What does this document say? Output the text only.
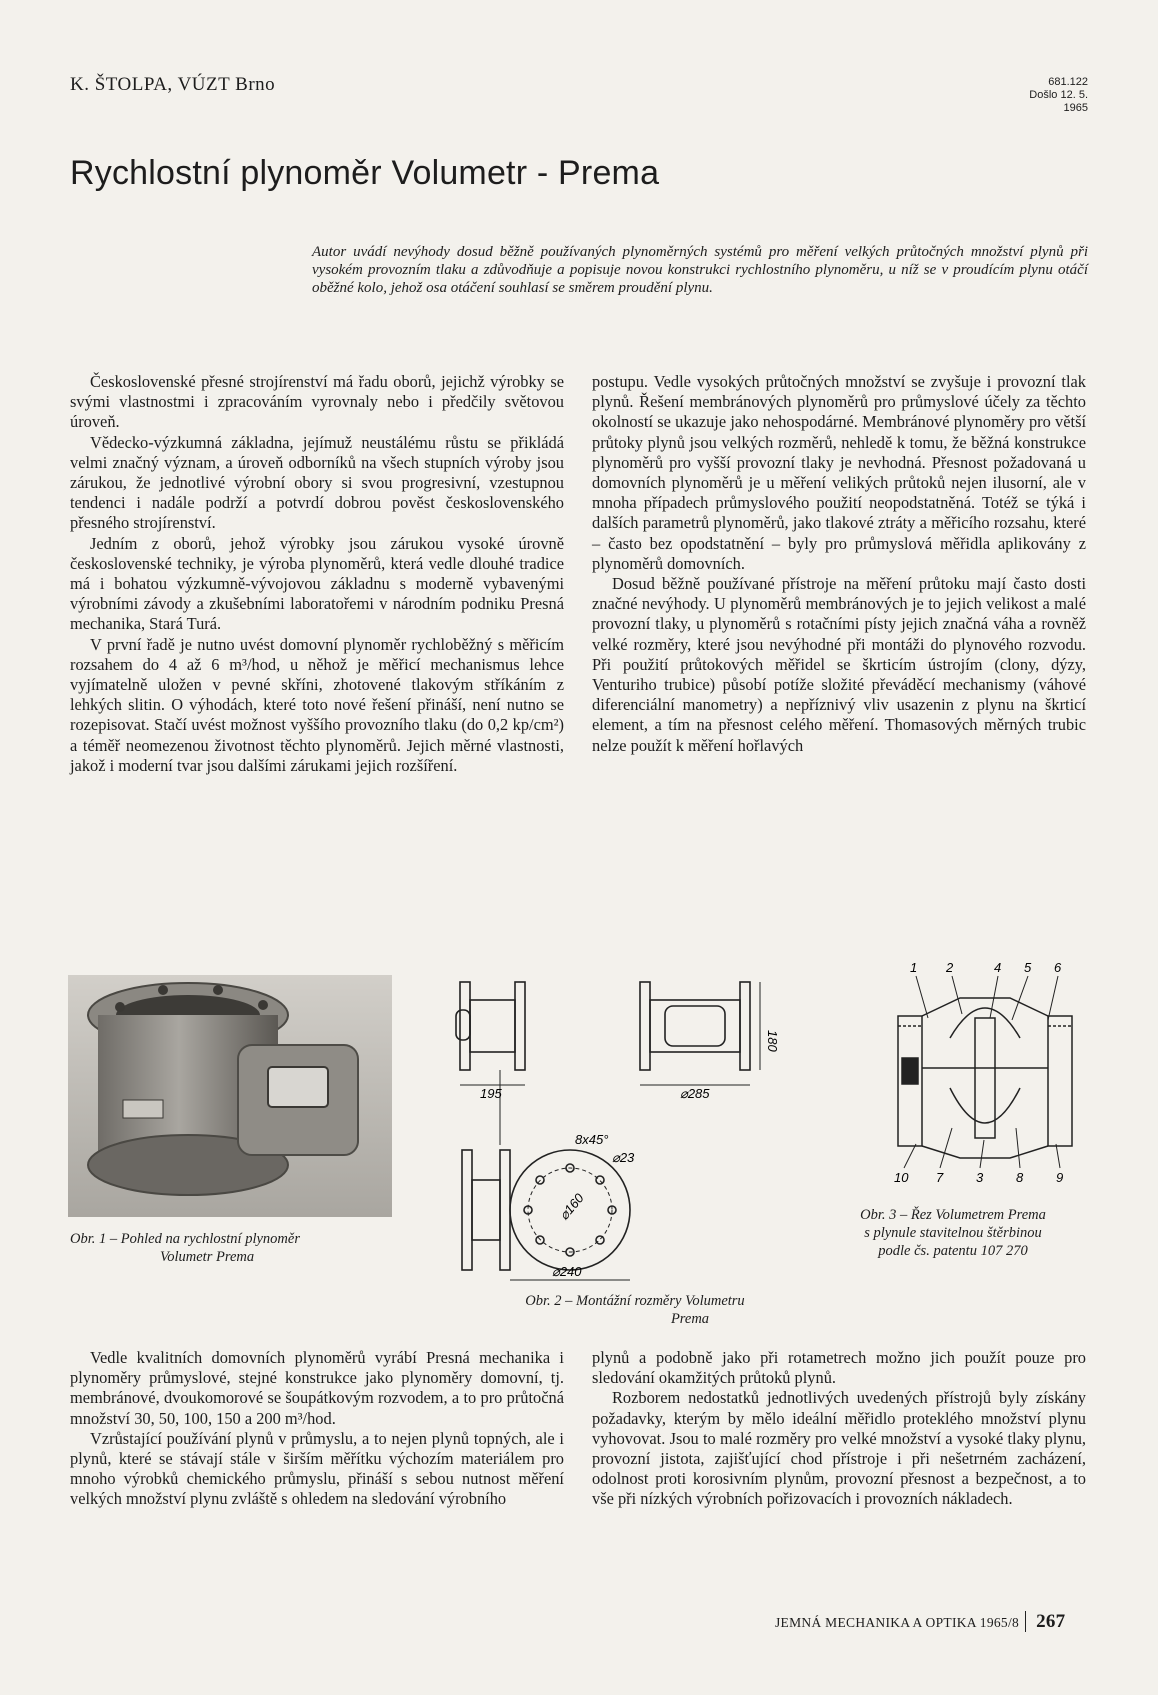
K. ŠTOLPA, VÚZT Brno	681.122
Došlo 12. 5. 1965
Rychlostní plynoměr Volumetr - Prema
Autor uvádí nevýhody dosud běžně používaných plynoměrných systémů pro měření velkých průtočných množství plynů při vysokém provozním tlaku a zdůvodňuje a popisuje novou konstrukci rychlostního plynoměru, u níž se v proudícím plynu otáčí oběžné kolo, jehož osa otáčení souhlasí se směrem proudění plynu.

Československé přesné strojírenství má řadu oborů, jejichž výrobky se svými vlastnostmi i zpracováním vyrovnaly nebo i předčily světovou úroveň.

Vědecko-výzkumná základna, jejímuž neustálému růstu se přikládá velmi značný význam, a úroveň odborníků na všech stupních výroby jsou zárukou, že jednotlivé výrobní obory si svou progresivní, vzestupnou tendenci i nadále podrží a potvrdí dobrou pověst československého přesného strojírenství.

Jedním z oborů, jehož výrobky jsou zárukou vysoké úrovně československé techniky, je výroba plynoměrů, která vedle dlouhé tradice má i bohatou výzkumně-vývojovou základnu s moderně vybavenými výrobními závody a zkušebními laboratořemi v národním podniku Presná mechanika, Stará Turá.

V první řadě je nutno uvést domovní plynoměr rychloběžný s měřicím rozsahem do 4 až 6 m³/hod, u něhož je měřicí mechanismus lehce vyjímatelně uložen v pevné skříni, zhotovené tlakovým stříkáním z lehkých slitin. O výhodách, které toto nové řešení přináší, není nutno se rozepisovat. Stačí uvést možnost vyššího provozního tlaku (do 0,2 kp/cm²) a téměř neomezenou životnost těchto plynoměrů. Jejich měrné vlastnosti, jakož i moderní tvar jsou dalšími zárukami jejich rozšíření.

postupu. Vedle vysokých průtočných množství se zvyšuje i provozní tlak plynů. Řešení membránových plynoměrů pro průmyslové účely za těchto okolností se ukazuje jako nehospodárné. Membránové plynoměry pro větší průtoky plynů jsou velkých rozměrů, nehledě k tomu, že běžná konstrukce plynoměrů pro vyšší provozní tlaky je nevhodná. Přesnost požadovaná u domovních plynoměrů je u měření velikých průtoků nejen ilusorní, ale v mnoha případech průmyslového použití neopodstatněná. Totéž se týká i dalších parametrů plynoměrů, jako tlakové ztráty a měřicího rozsahu, které – často bez opodstatnění – byly pro průmyslová měřidla aplikovány z plynoměrů domovních.

Dosud běžně používané přístroje na měření průtoku mají často dosti značné nevýhody. U plynoměrů membránových je to jejich velikost a malé provozní tlaky, u plynoměrů s rotačními písty jejich značná váha a rovněž velké rozměry, které jsou nevýhodné při montáži do plynového rozvodu. Při použití průtokových měřidel se škrticím ústrojím (clony, dýzy, Venturiho trubice) působí potíže složité převáděcí mechanismy (váhové diferenciální manometry) a nepříznivý vliv usazenin z plynu na škrticí element, a tím na přesnost celého měření. Thomasových měrných trubic nelze použít k měření hořlavých

Obr. 1 – Pohled na rychlostní plynoměr
Volumetr Prema
195
180
⌀285
8x45°
⌀23
⌀160
⌀240
Obr. 2 – Montážní rozměry Volumetru
Prema
1 2	4 5 6
10 7	3	8	9
Obr. 3 – Řez Volumetrem Prema
s plynule stavitelnou štěrbinou
podle čs. patentu 107 270

Vedle kvalitních domovních plynoměrů vyrábí Presná mechanika i plynoměry průmyslové, stejné konstrukce jako plynoměry domovní, tj. membránové, dvoukomorové se šoupátkovým rozvodem, a to pro průtočná množství 30, 50, 100, 150 a 200 m³/hod.

Vzrůstající používání plynů v průmyslu, a to nejen plynů topných, ale i plynů, které se stávají stále v širším měřítku výchozím materiálem pro mnoho výrobků chemického průmyslu, přináší s sebou nutnost měření velkých množství plynu zvláště s ohledem na sledování výrobního

plynů a podobně jako při rotametrech možno jich použít pouze pro sledování okamžitých průtoků plynů.

Rozborem nedostatků jednotlivých uvedených přístrojů byly získány požadavky, kterým by mělo ideální měřidlo proteklého množství plynu vyhovovat. Jsou to malé rozměry pro velké množství a vysoké tlaky plynu, provozní jistota, zajišťující chod přístroje i při nešetrném zacházení, odolnost proti korosivním plynům, provozní přesnost a bezpečnost, a to vše při nízkých výrobních pořizovacích i provozních nákladech.

JEMNÁ MECHANIKA A OPTIKA 1965/8 267
